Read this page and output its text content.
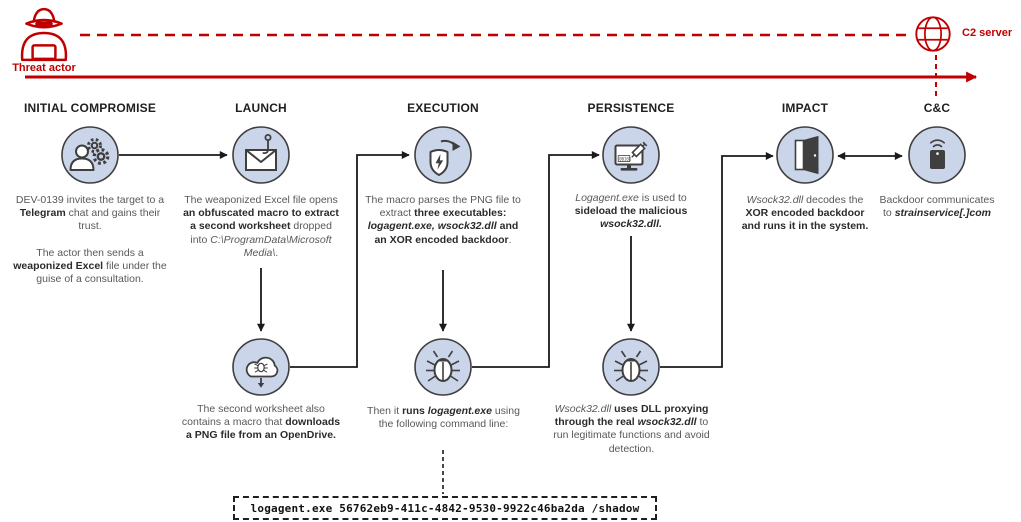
Threat actor
C2 server
INITIAL COMPROMISE	LAUNCH	EXECUTION	PERSISTENCE	IMPACT	C&C
00101

DEV-0139 invites the target to a Telegram chat and gains their trust.

The actor then sends a weaponized Excel file under the guise of a consultation.

The weaponized Excel file opens an obfuscated macro to extract a second worksheet dropped into C:\ProgramData\Microsoft Media\.

The macro parses the PNG file to extract three executables: logagent.exe, wsock32.dll and an XOR encoded backdoor.

Logagent.exe is used to sideload the malicious wsock32.dll.

Wsock32.dll decodes the XOR encoded backdoor and runs it in the system.

Backdoor communicates to strainservice[.]com

The second worksheet also contains a macro that downloads a PNG file from an OpenDrive.

Then it runs logagent.exe using the following command line:

Wsock32.dll uses DLL proxying through the real wsock32.dll to run legitimate functions and avoid detection.

logagent.exe 56762eb9-411c-4842-9530-9922c46ba2da /shadow
